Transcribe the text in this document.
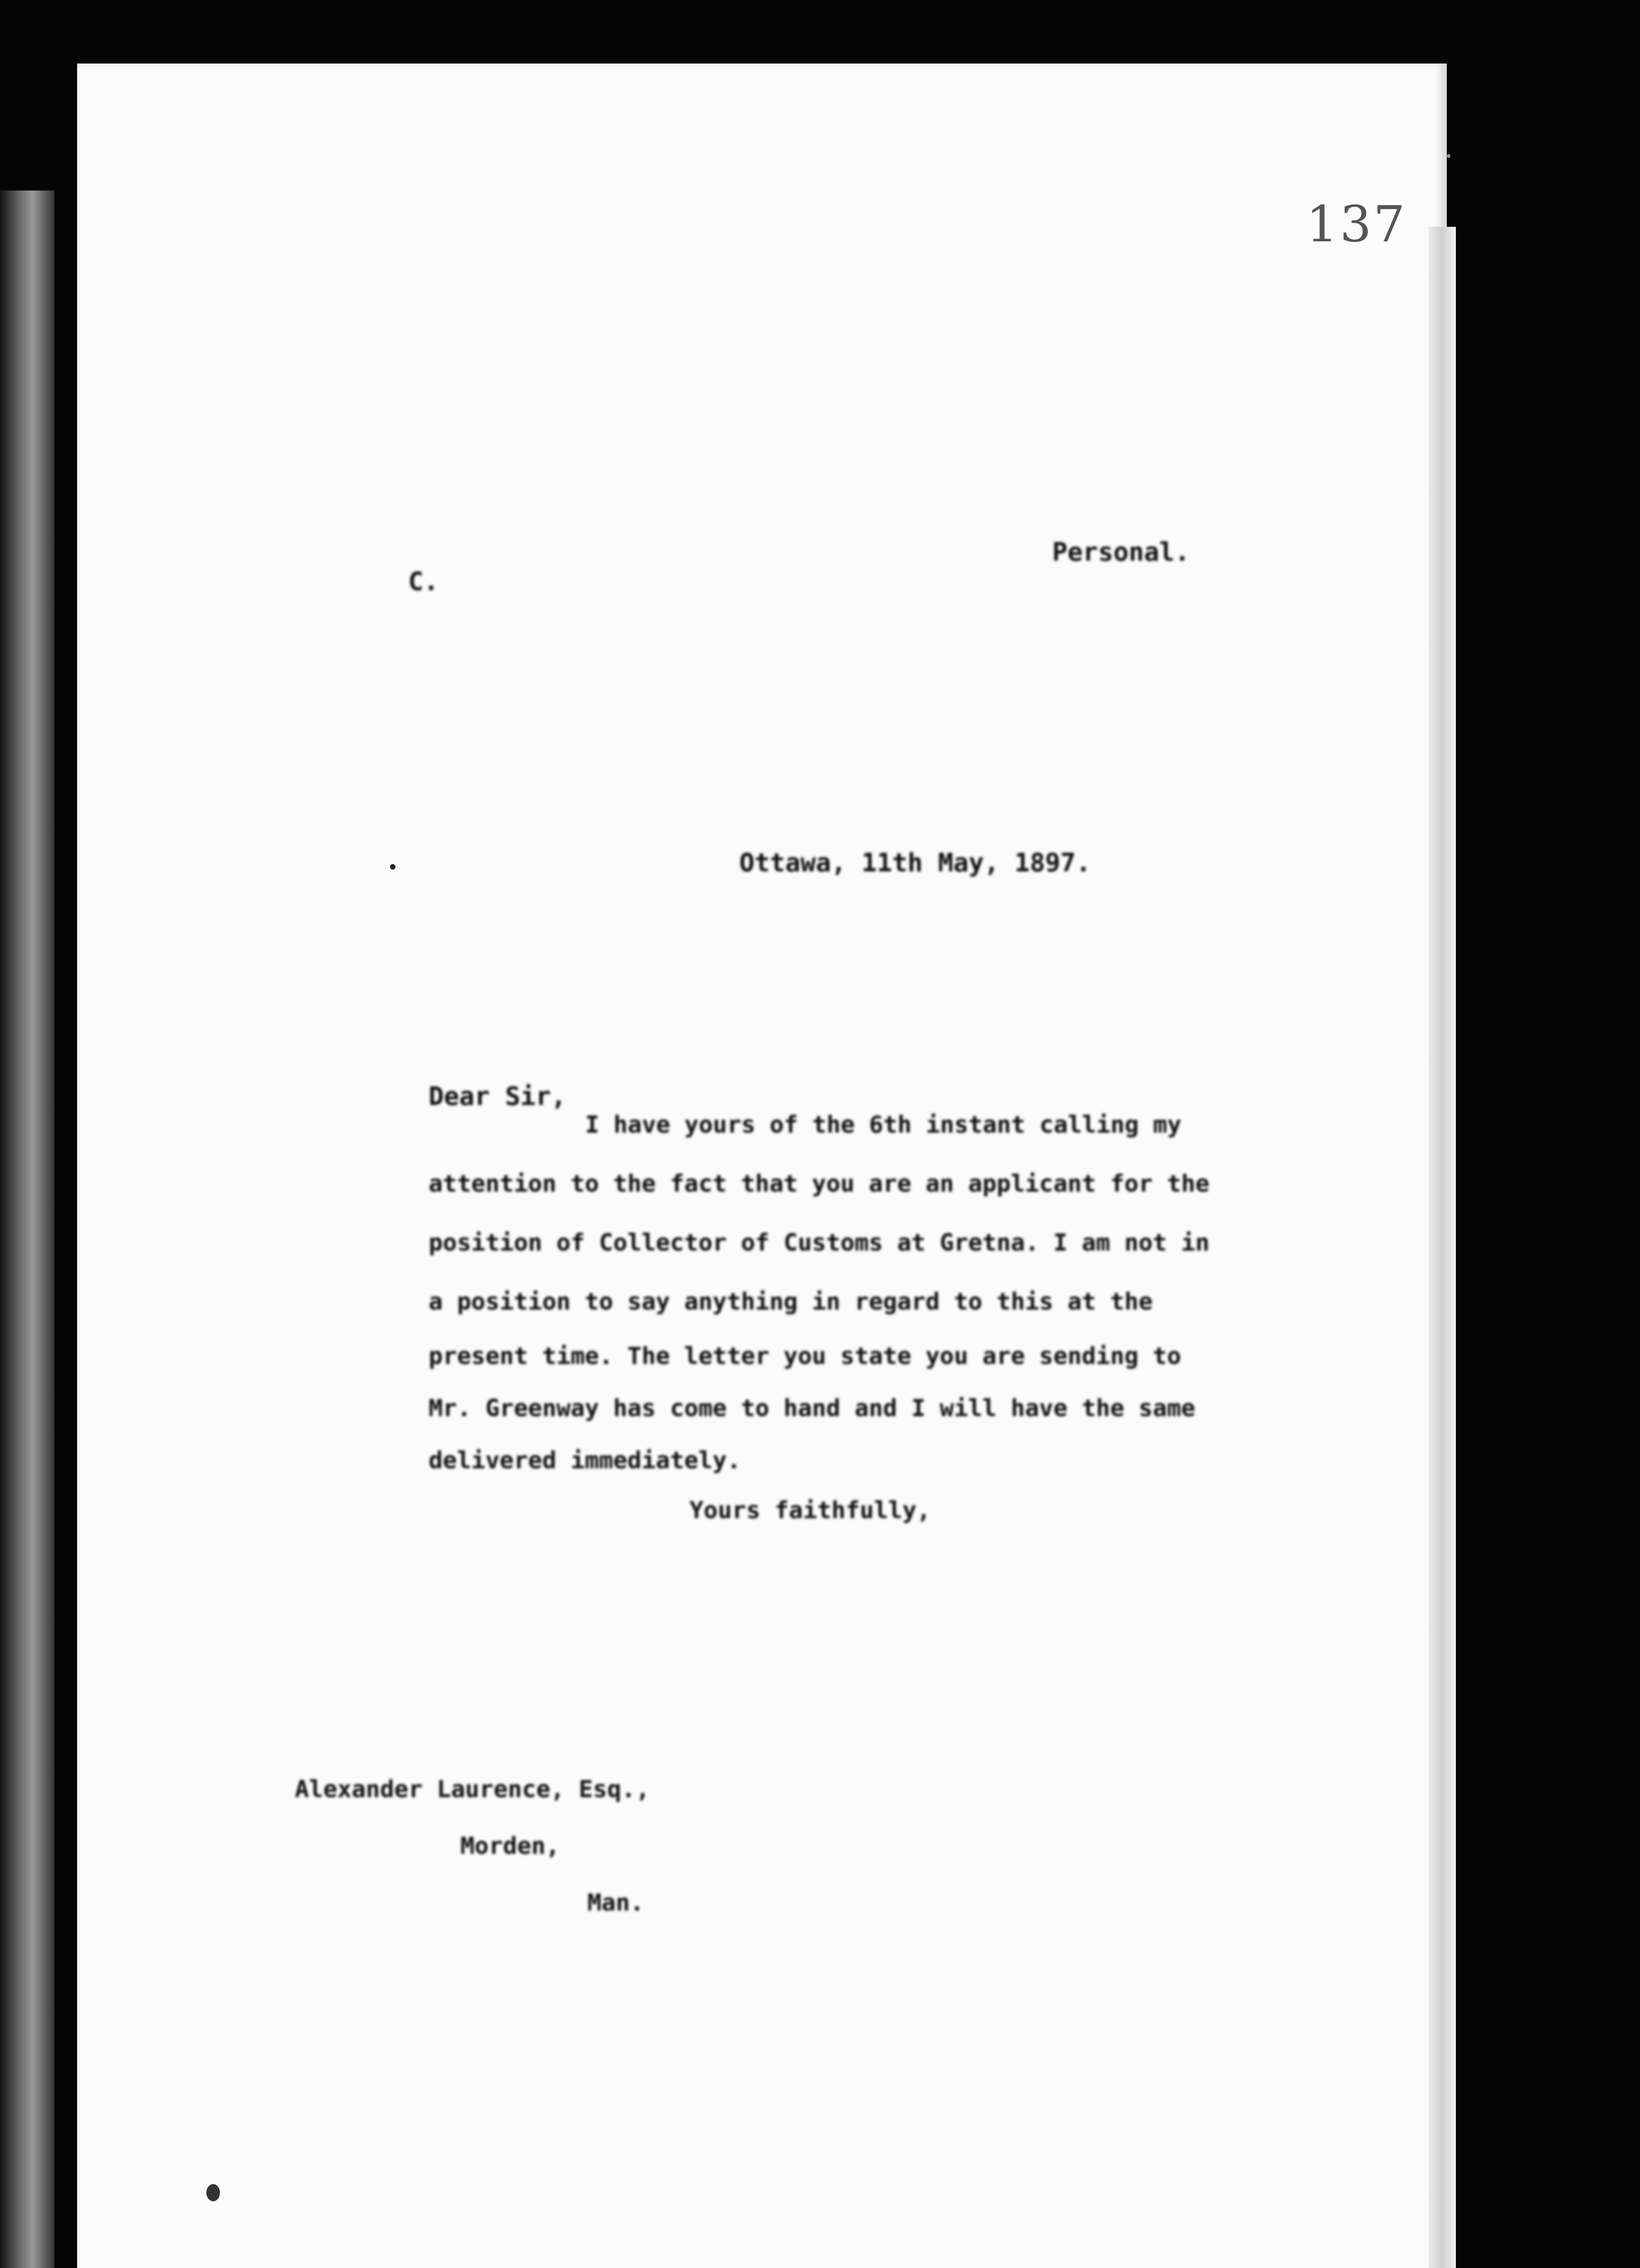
137
C.
Personal.
Ottawa, 11th May, 1897.
Dear Sir,
I have yours of the 6th instant calling my
attention to the fact that you are an applicant for the
position of Collector of Customs at Gretna. I am not in
a position to say anything in regard to this at the
present time. The letter you state you are sending to
Mr. Greenway has come to hand and I will have the same
delivered immediately.
Yours faithfully,
Alexander Laurence, Esq.,
Morden,
Man.
